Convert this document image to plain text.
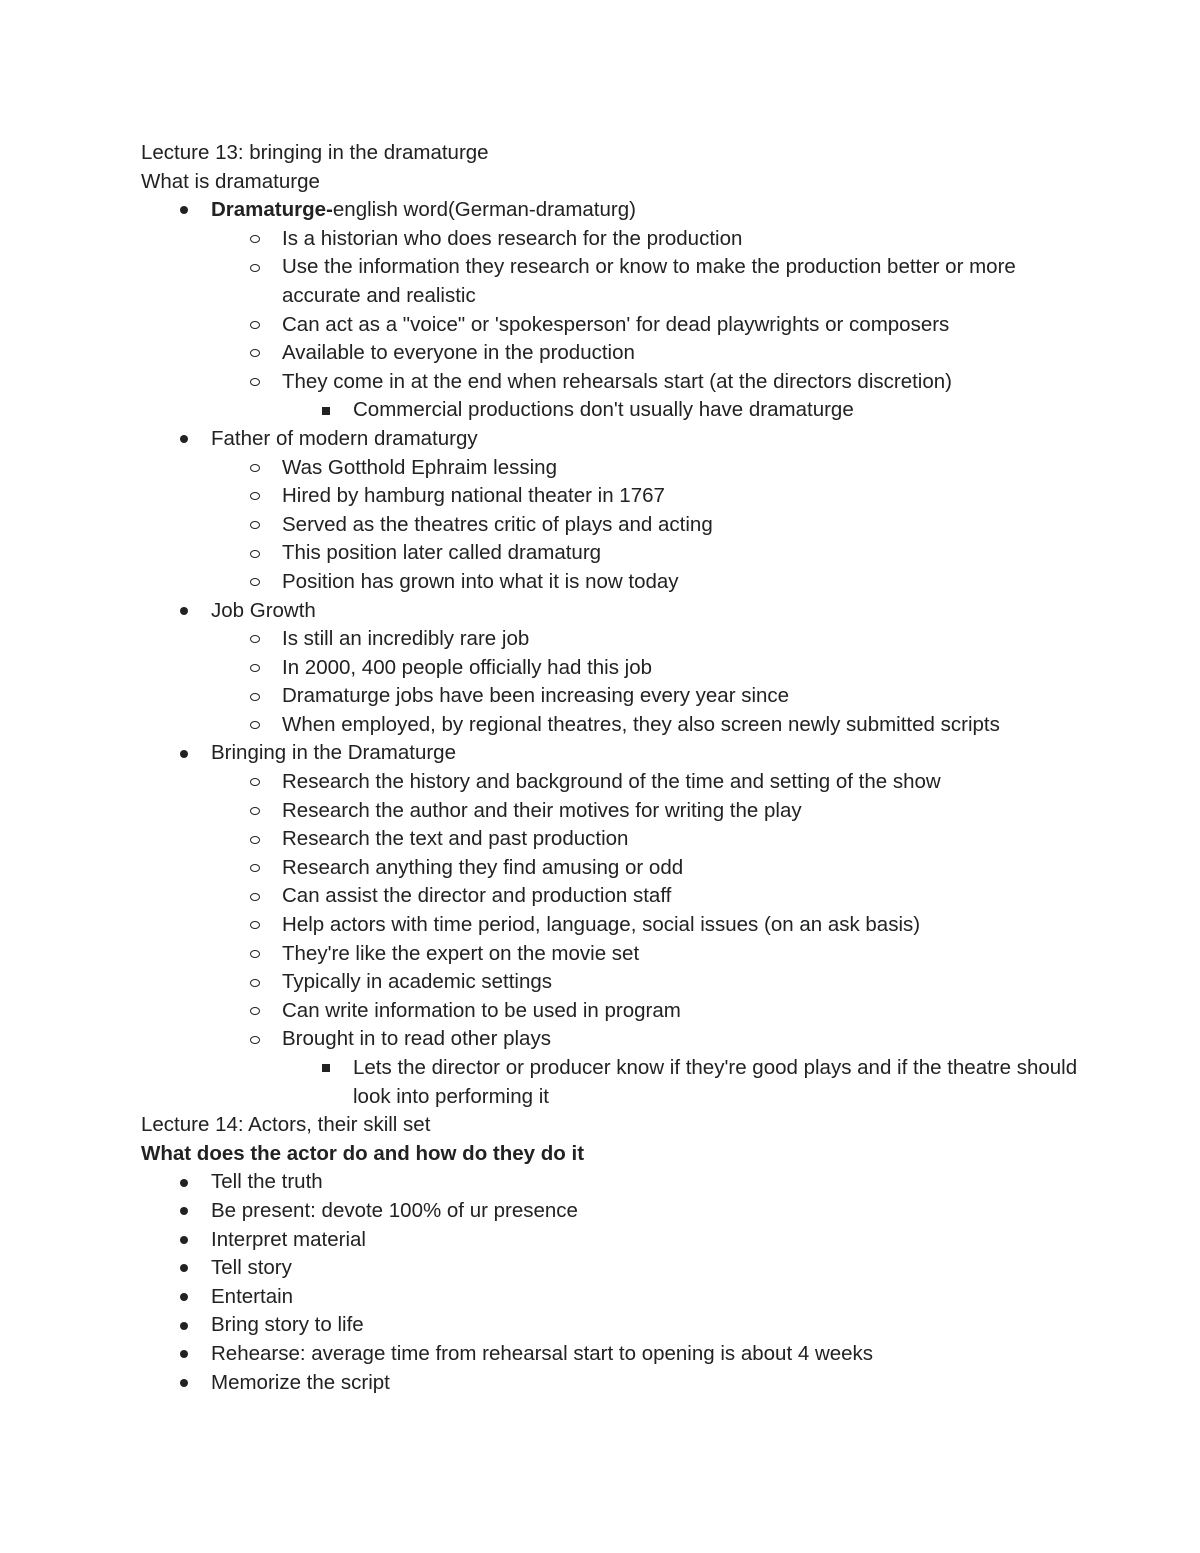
Lecture 13: bringing in the dramaturge
What is dramaturge
Dramaturge-english word(German-dramaturg)
Is a historian who does research for the production
Use the information they research or know to make the production better or more accurate and realistic
Can act as a "voice" or 'spokesperson' for dead playwrights or composers
Available to everyone in the production
They come in at the end when rehearsals start (at the directors discretion)
Commercial productions don't usually have dramaturge
Father of modern dramaturgy
Was Gotthold Ephraim lessing
Hired by hamburg national theater in 1767
Served as the theatres critic of plays and acting
This position later called dramaturg
Position has grown into what it is now today
Job Growth
Is still an incredibly rare job
In 2000, 400 people officially had this job
Dramaturge jobs have been increasing every year since
When employed, by regional theatres, they also screen newly submitted scripts
Bringing in the Dramaturge
Research the history and background of the time and setting of the show
Research the author and their motives for writing the play
Research the text and past production
Research anything they find amusing or odd
Can assist the director and production staff
Help actors with time period, language, social issues (on an ask basis)
They're like the expert on the movie set
Typically in academic settings
Can write information to be used in program
Brought in to read other plays
Lets the director or producer know if they're good plays and if the theatre should look into performing it
Lecture 14: Actors, their skill set
What does the actor do and how do they do it
Tell the truth
Be present: devote 100% of ur presence
Interpret material
Tell story
Entertain
Bring story to life
Rehearse: average time from rehearsal start to opening is about 4 weeks
Memorize the script
